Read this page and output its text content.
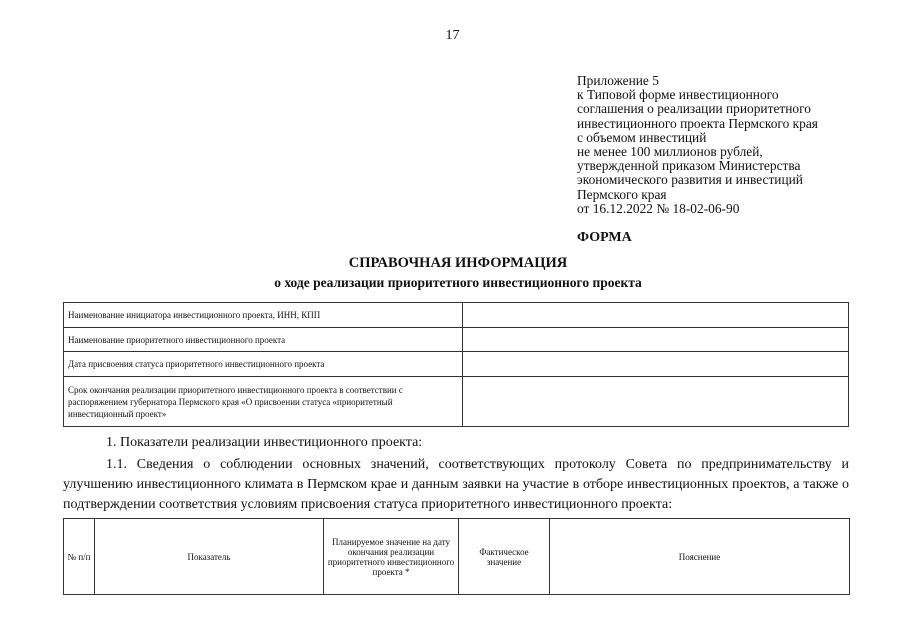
17
Приложение 5
к Типовой форме инвестиционного
соглашения о реализации приоритетного
инвестиционного проекта Пермского края
с объемом инвестиций
не менее 100 миллионов рублей,
утвержденной приказом Министерства
экономического развития и инвестиций
Пермского края
от 16.12.2022 № 18-02-06-90
ФОРМА
СПРАВОЧНАЯ ИНФОРМАЦИЯ
о ходе реализации приоритетного инвестиционного проекта
Наименование инициатора инвестиционного проекта, ИНН, КПП	
Наименование приоритетного инвестиционного проекта	
Дата присвоения статуса приоритетного инвестиционного проекта	
Срок окончания реализации приоритетного инвестиционного проекта в соответствии с распоряжением губернатора Пермского края «О присвоении статуса «приоритетный инвестиционный проект»	
1. Показатели реализации инвестиционного проекта:
1.1. Сведения о соблюдении основных значений, соответствующих протоколу Совета по предпринимательству и улучшению инвестиционного климата в Пермском крае и данным заявки на участие в отборе инвестиционных проектов, а также о подтверждении соответствия условиям присвоения статуса приоритетного инвестиционного проекта:
№ п/п	Показатель	Планируемое значение на дату окончания реализации приоритетного инвестиционного проекта *	Фактическое значение	Пояснение
